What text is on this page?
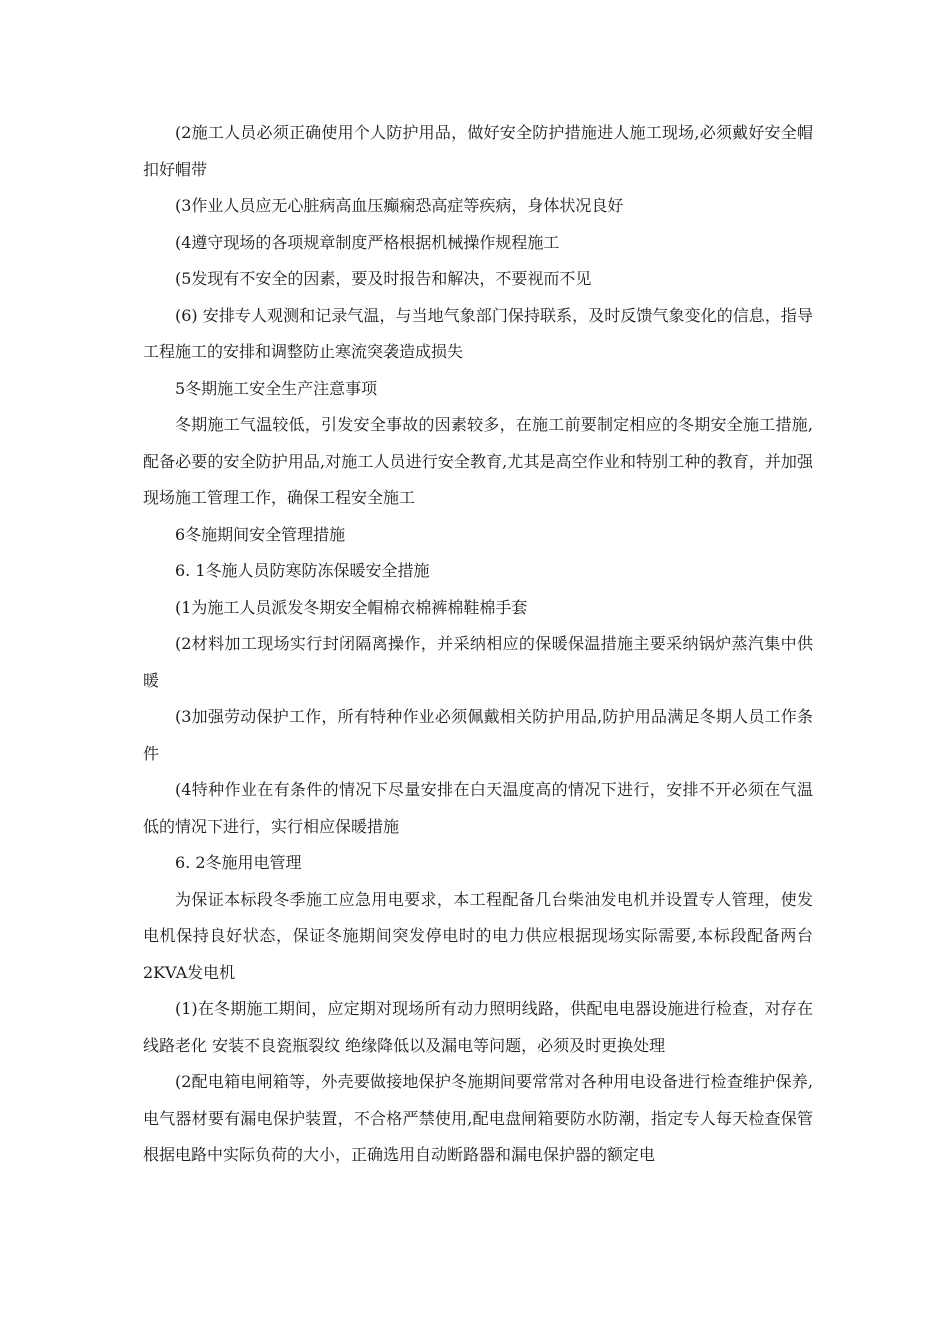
(2施工人员必须正确使用个人防护用品，做好安全防护措施进人施工现场,必须戴好安全帽扣好帽带

(3作业人员应无心脏病高血压癫痫恐高症等疾病，身体状况良好

(4遵守现场的各项规章制度严格根据机械操作规程施工

(5发现有不安全的因素，要及时报告和解决，不要视而不见

(6) 安排专人观测和记录气温，与当地气象部门保持联系，及时反馈气象变化的信息，指导工程施工的安排和调整防止寒流突袭造成损失

5冬期施工安全生产注意事项

冬期施工气温较低，引发安全事故的因素较多，在施工前要制定相应的冬期安全施工措施,配备必要的安全防护用品,对施工人员进行安全教育,尤其是高空作业和特别工种的教育，并加强现场施工管理工作，确保工程安全施工

6冬施期间安全管理措施

6. 1冬施人员防寒防冻保暖安全措施

(1为施工人员派发冬期安全帽棉衣棉裤棉鞋棉手套

(2材料加工现场实行封闭隔离操作，并采纳相应的保暖保温措施主要采纳锅炉蒸汽集中供暖

(3加强劳动保护工作，所有特种作业必须佩戴相关防护用品,防护用品满足冬期人员工作条件

(4特种作业在有条件的情况下尽量安排在白天温度高的情况下进行，安排不开必须在气温低的情况下进行，实行相应保暖措施

6. 2冬施用电管理

为保证本标段冬季施工应急用电要求，本工程配备几台柴油发电机并设置专人管理，使发电机保持良好状态，保证冬施期间突发停电时的电力供应根据现场实际需要,本标段配备两台2KVA发电机

(1)在冬期施工期间，应定期对现场所有动力照明线路，供配电电器设施进行检查，对存在线路老化 安装不良瓷瓶裂纹 绝缘降低以及漏电等问题，必须及时更换处理

(2配电箱电闸箱等，外壳要做接地保护冬施期间要常常对各种用电设备进行检查维护保养,电气器材要有漏电保护装置，不合格严禁使用,配电盘闸箱要防水防潮，指定专人每天检查保管根据电路中实际负荷的大小，正确选用自动断路器和漏电保护器的额定电
